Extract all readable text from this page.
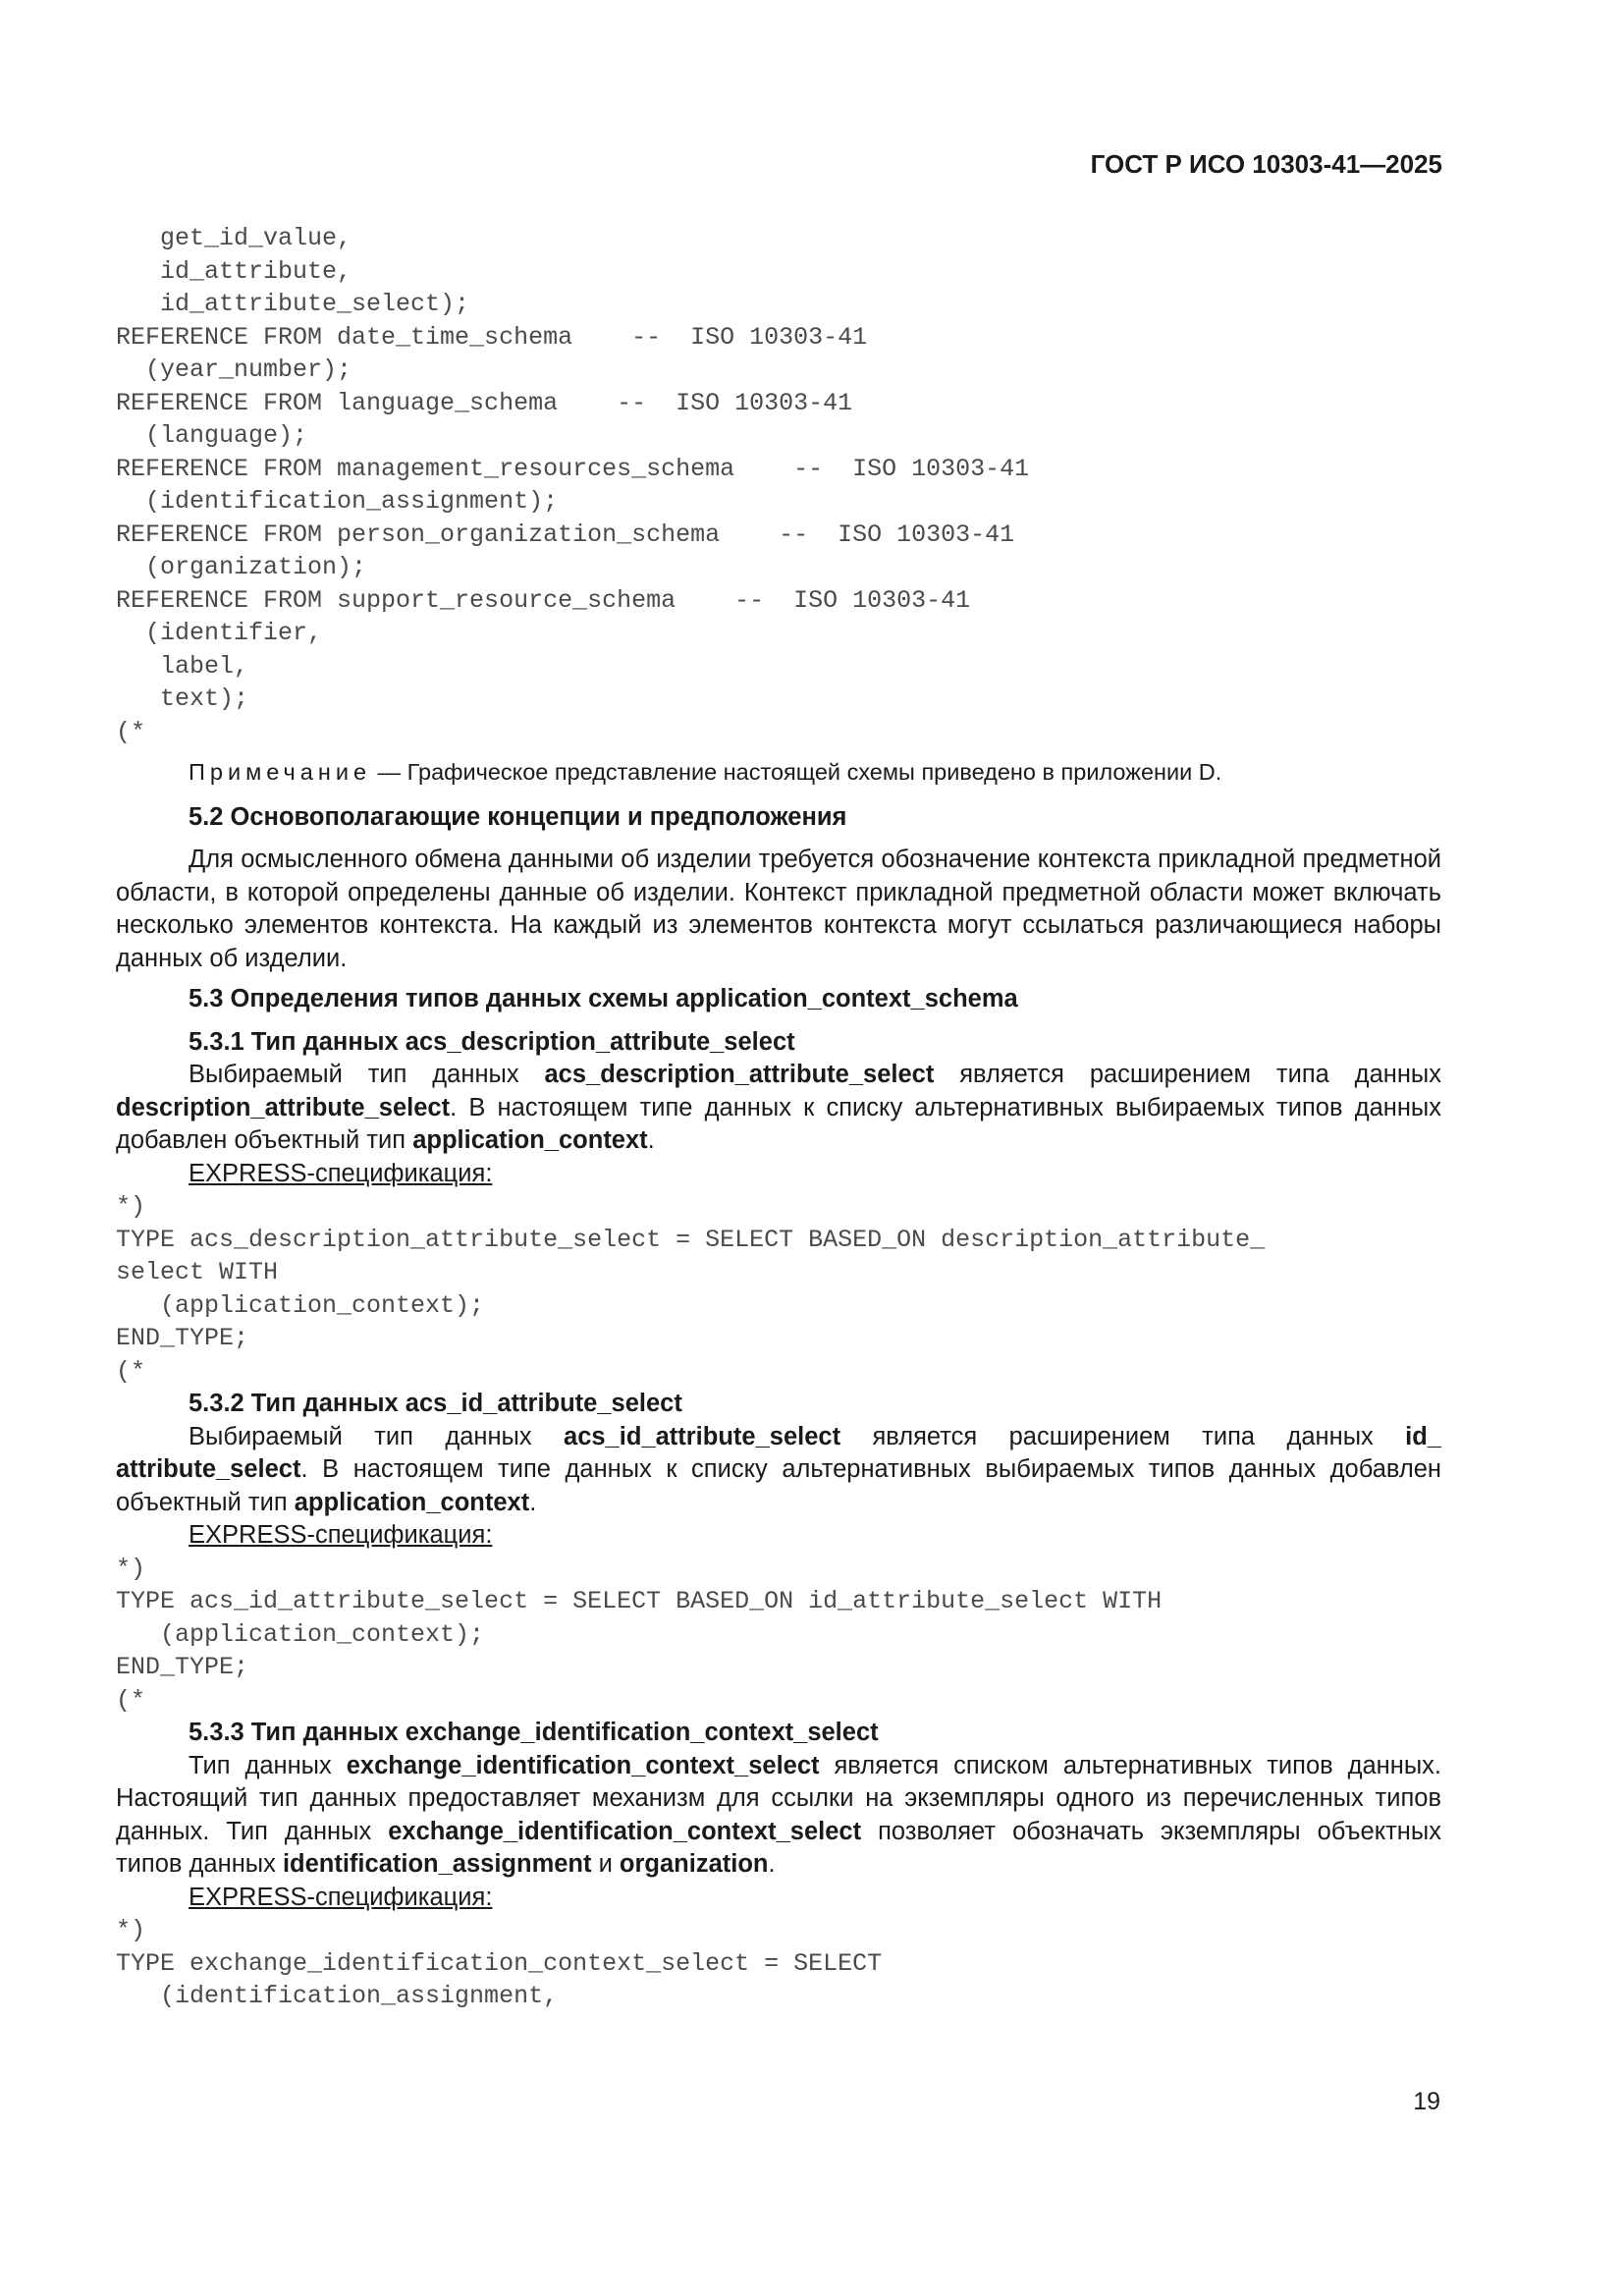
ГОСТ Р ИСО 10303-41—2025
get_id_value,
id_attribute,
id_attribute_select);
REFERENCE FROM date_time_schema    --  ISO 10303-41
(year_number);
REFERENCE FROM language_schema    --  ISO 10303-41
(language);
REFERENCE FROM management_resources_schema    --  ISO 10303-41
(identification_assignment);
REFERENCE FROM person_organization_schema    --  ISO 10303-41
(organization);
REFERENCE FROM support_resource_schema    --  ISO 10303-41
(identifier,
label,
text);
(*
Примечание — Графическое представление настоящей схемы приведено в приложении D.

5.2 Основополагающие концепции и предположения

Для осмысленного обмена данными об изделии требуется обозначение контекста прикладной предметной области, в которой определены данные об изделии. Контекст прикладной предметной области может включать несколько элементов контекста. На каждый из элементов контекста могут ссылаться различающиеся наборы данных об изделии.

5.3 Определения типов данных схемы application_context_schema

5.3.1 Тип данных acs_description_attribute_select

Выбираемый тип данных acs_description_attribute_select является расширением типа данных description_attribute_select. В настоящем типе данных к списку альтернативных выбираемых типов данных добавлен объектный тип application_context.

EXPRESS-спецификация:

*)
TYPE acs_description_attribute_select = SELECT BASED_ON description_attribute_
select WITH
(application_context);
END_TYPE;
(*

5.3.2 Тип данных acs_id_attribute_select

Выбираемый тип данных acs_id_attribute_select является расширением типа данных id_ attribute_select. В настоящем типе данных к списку альтернативных выбираемых типов данных добавлен объектный тип application_context.

EXPRESS-спецификация:

*)
TYPE acs_id_attribute_select = SELECT BASED_ON id_attribute_select WITH
(application_context);
END_TYPE;
(*

5.3.3 Тип данных exchange_identification_context_select

Тип данных exchange_identification_context_select является списком альтернативных типов данных. Настоящий тип данных предоставляет механизм для ссылки на экземпляры одного из перечисленных типов данных. Тип данных exchange_identification_context_select позволяет обозначать экземпляры объектных типов данных identification_assignment и organization.

EXPRESS-спецификация:

*)
TYPE exchange_identification_context_select = SELECT
(identification_assignment,
19
